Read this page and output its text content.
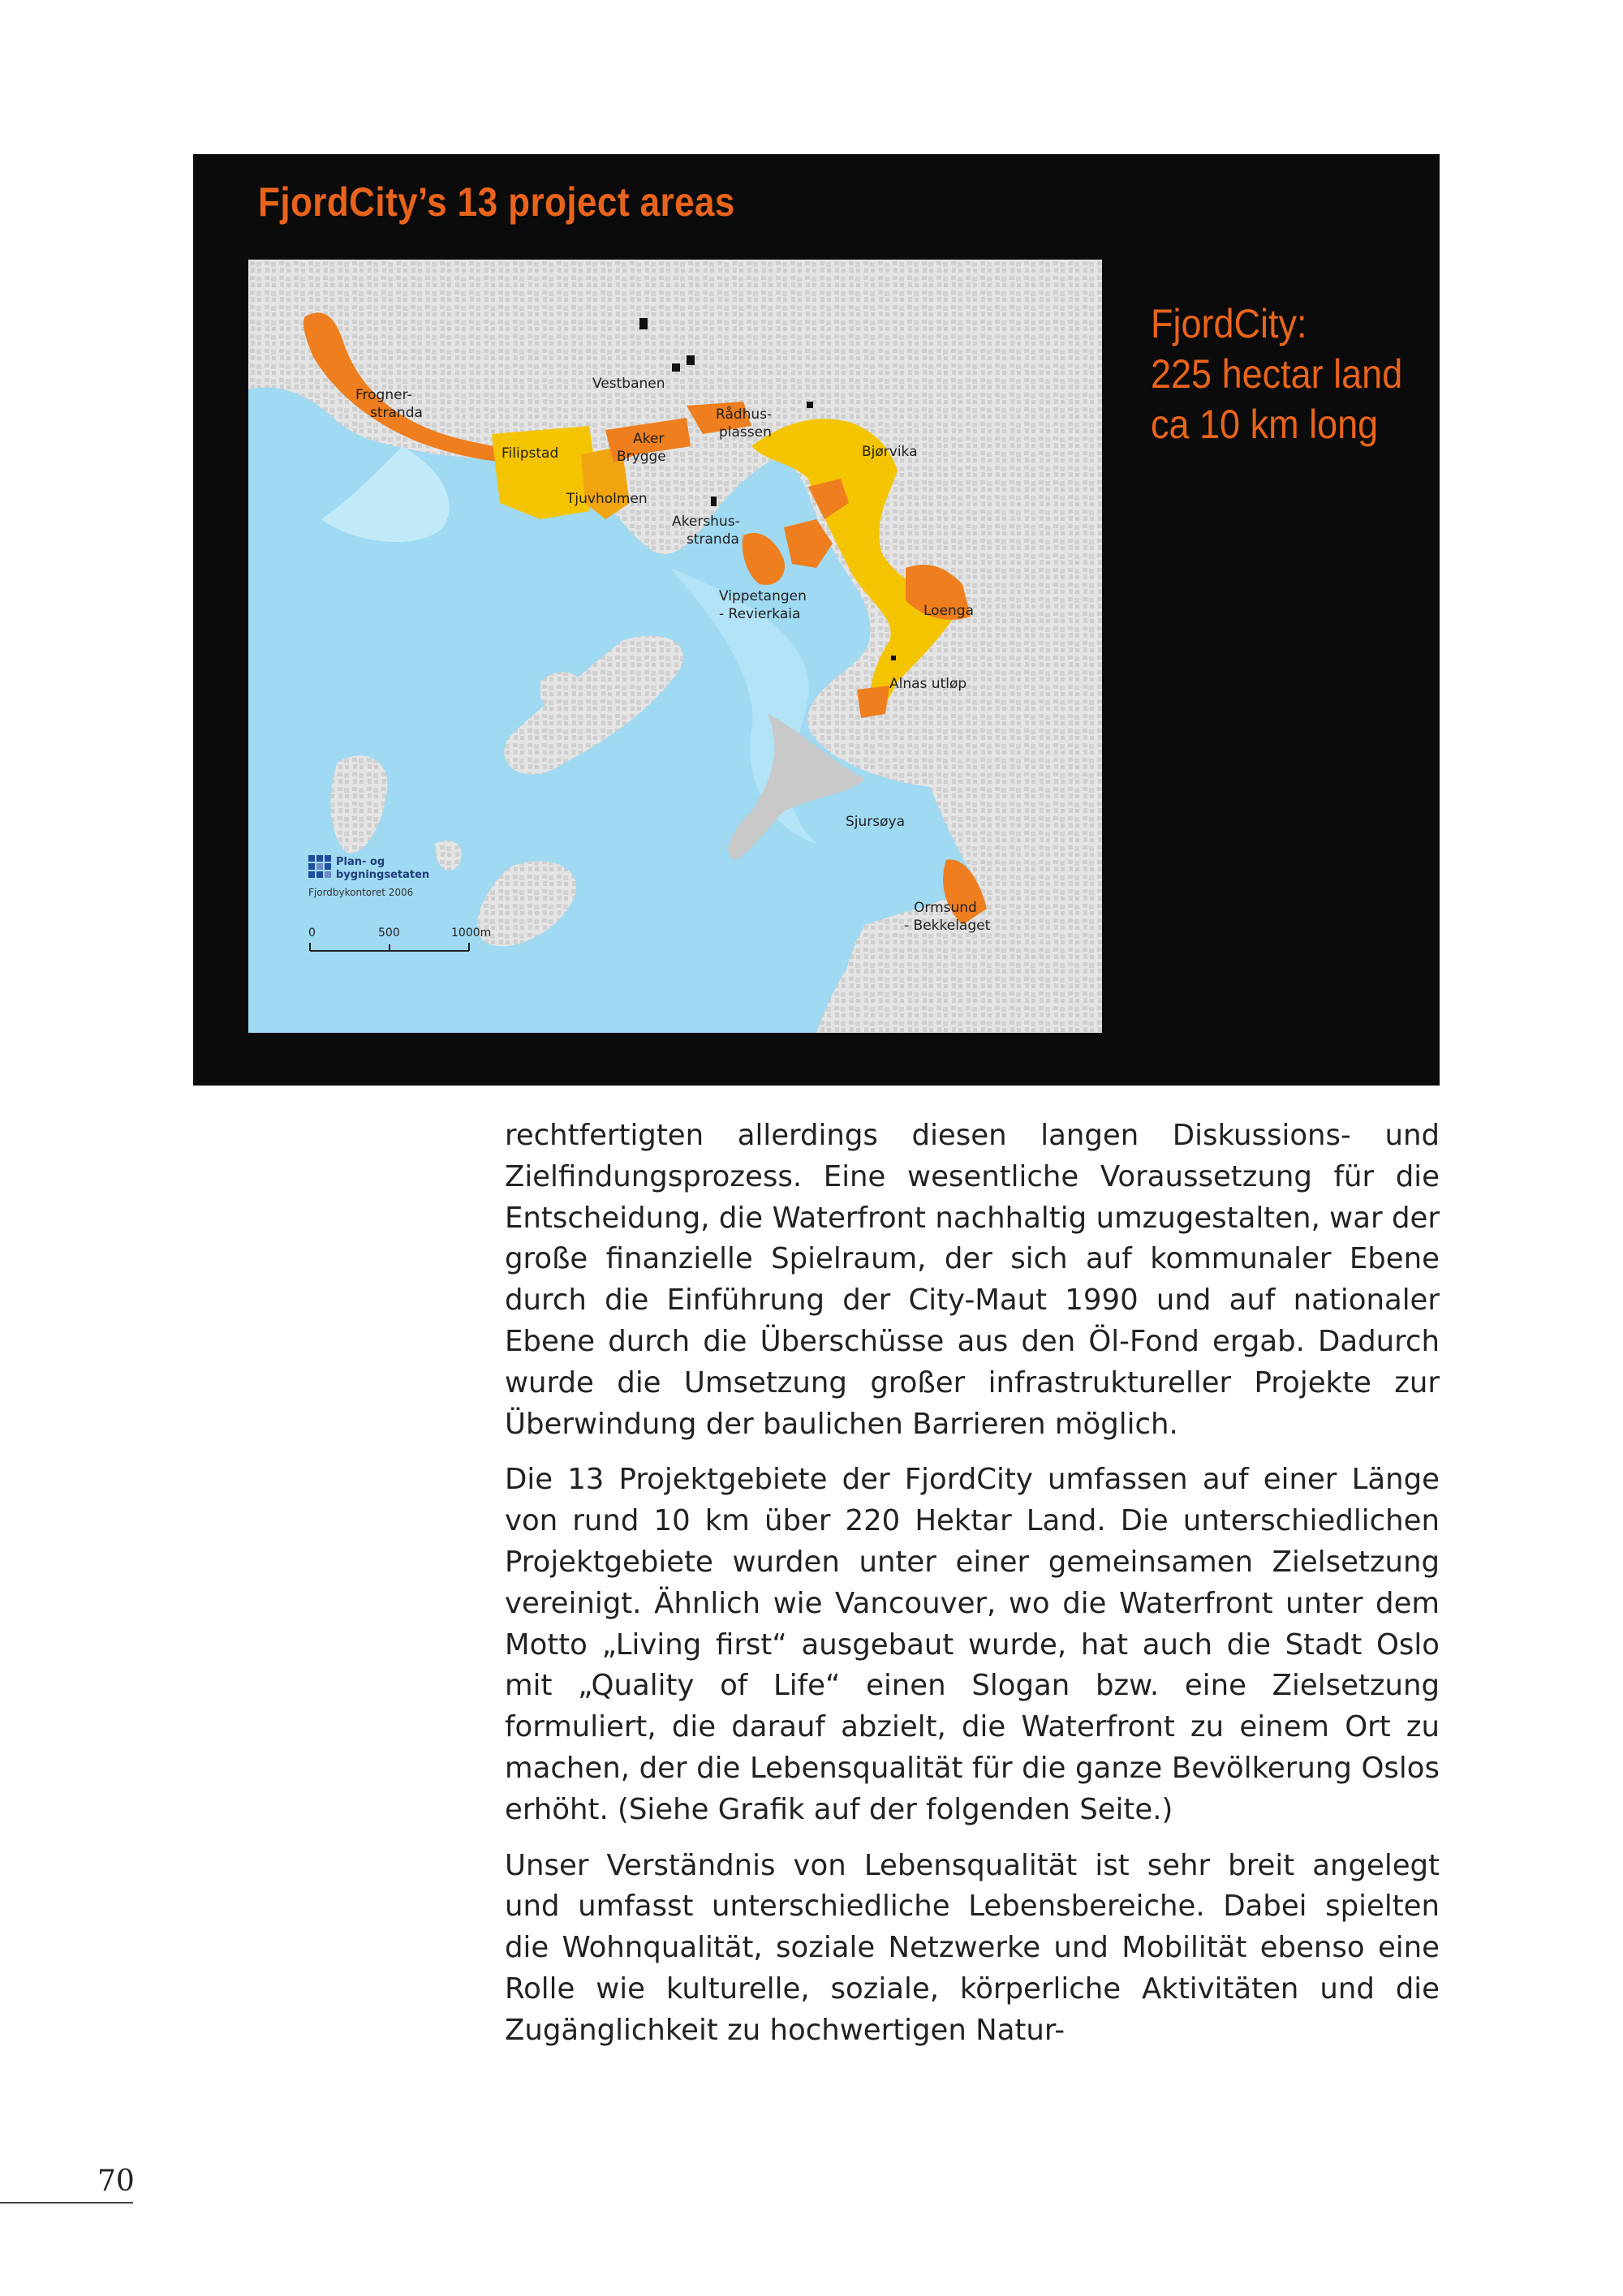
FjordCity’s 13 project areas
Frogner-
stranda
Vestbanen
Rådhus-
plassen
Filipstad
Aker
Brygge	Bjørvika
Tjuvholmen
Akershus-
stranda
Vippetangen
- Revierkaia	Loenga
Alnas utløp
Sjursøya
Ormsund
- Bekkelaget
Plan- og
bygningsetaten
Fjordbykontoret 2006
0	500	1000m
FjordCity:
225 hectar land
ca 10 km long

rechtfertigten allerdings diesen langen Diskussions- und Zielfindungsprozess. Eine wesentliche Voraussetzung für die Entscheidung, die Waterfront nachhaltig umzugestalten, war der große finanzielle Spielraum, der sich auf kommunaler Ebene durch die Einführung der City-Maut 1990 und auf nationaler Ebene durch die Überschüsse aus den Öl-Fond ergab. Dadurch wurde die Umsetzung großer infrastruktureller Projekte zur Überwindung der baulichen Barrieren möglich.

Die 13 Projektgebiete der FjordCity umfassen auf einer Länge von rund 10 km über 220 Hektar Land. Die unterschiedlichen Projektgebiete wurden unter einer gemeinsamen Zielsetzung vereinigt. Ähnlich wie Vancouver, wo die Waterfront unter dem Motto „Living first“ ausgebaut wurde, hat auch die Stadt Oslo mit „Quality of Life“ einen Slogan bzw. eine Zielsetzung formuliert, die darauf abzielt, die Waterfront zu einem Ort zu machen, der die Lebensqualität für die ganze Bevölkerung Oslos erhöht. (Siehe Grafik auf der folgenden Seite.)

Unser Verständnis von Lebensqualität ist sehr breit angelegt und umfasst unterschiedliche Lebensbereiche. Dabei spielten die Wohnqualität, soziale Netzwerke und Mobilität ebenso eine Rolle wie kulturelle, soziale, körperliche Aktivitäten und die Zugänglichkeit zu hochwertigen Natur-

70
